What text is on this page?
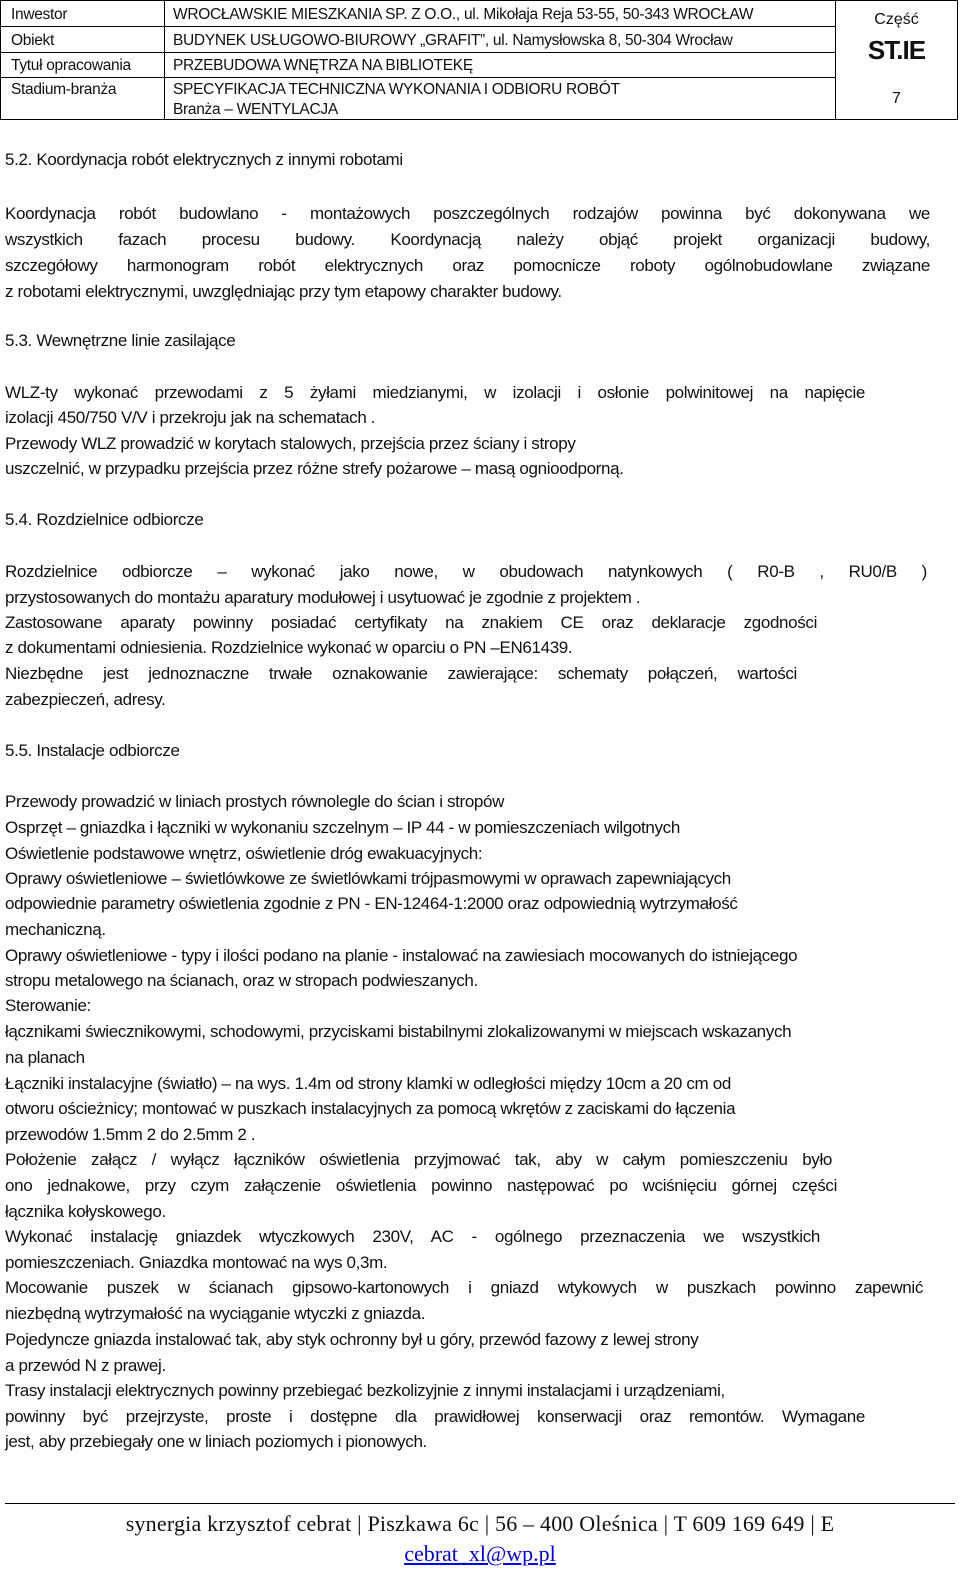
Inwestor	WROCŁAWSKIE MIESZKANIA SP. Z O.O., ul. Mikołaja Reja 53-55, 50-343 WROCŁAW
Obiekt	BUDYNEK USŁUGOWO-BIUROWY „GRAFIT”, ul. Namysłowska 8, 50-304 Wrocław
Tytuł opracowania	PRZEBUDOWA WNĘTRZA NA BIBLIOTEKĘ
Stadium-branża	SPECYFIKACJA TECHNICZNA WYKONANIA I ODBIORU ROBÓT
Branża – WENTYLACJA
Część
ST.IE
7
5.2. Koordynacja robót elektrycznych z innymi robotami
Koordynacja robót budowlano - montażowych poszczególnych rodzajów powinna być dokonywana we
wszystkich fazach procesu budowy. Koordynacją należy objąć projekt organizacji budowy,
szczegółowy harmonogram robót elektrycznych oraz pomocnicze roboty ogólnobudowlane związane
z robotami elektrycznymi, uwzględniając przy tym etapowy charakter budowy.
5.3. Wewnętrzne linie zasilające
WLZ-ty wykonać przewodami z 5 żyłami miedzianymi, w izolacji i osłonie polwinitowej na napięcie
izolacji 450/750 V/V i przekroju jak na schematach .
Przewody WLZ prowadzić w korytach stalowych, przejścia przez ściany i stropy
uszczelnić, w przypadku przejścia przez różne strefy pożarowe – masą ognioodporną.
5.4. Rozdzielnice odbiorcze
Rozdzielnice odbiorcze – wykonać jako nowe, w obudowach natynkowych ( R0-B , RU0/B )
przystosowanych do montażu aparatury modułowej i usytuować je zgodnie z projektem .
Zastosowane aparaty powinny posiadać certyfikaty na znakiem CE oraz deklaracje zgodności
z dokumentami odniesienia. Rozdzielnice wykonać w oparciu o PN –EN61439.
Niezbędne jest jednoznaczne trwałe oznakowanie zawierające: schematy połączeń, wartości
zabezpieczeń, adresy.
5.5. Instalacje odbiorcze
Przewody prowadzić w liniach prostych równolegle do ścian i stropów
Osprzęt – gniazdka i łączniki w wykonaniu szczelnym – IP 44 - w pomieszczeniach wilgotnych
Oświetlenie podstawowe wnętrz, oświetlenie dróg ewakuacyjnych:
Oprawy oświetleniowe – świetlówkowe ze świetlówkami trójpasmowymi w oprawach zapewniających
odpowiednie parametry oświetlenia zgodnie z PN - EN-12464-1:2000 oraz odpowiednią wytrzymałość
mechaniczną.
Oprawy oświetleniowe - typy i ilości podano na planie - instalować na zawiesiach mocowanych do istniejącego
stropu metalowego na ścianach, oraz w stropach podwieszanych.
Sterowanie:
łącznikami świecznikowymi, schodowymi, przyciskami bistabilnymi zlokalizowanymi w miejscach wskazanych
na planach
Łączniki instalacyjne (światło) – na wys. 1.4m od strony klamki w odległości między 10cm a 20 cm od
otworu ościeżnicy; montować w puszkach instalacyjnych za pomocą wkrętów z zaciskami do łączenia
przewodów 1.5mm 2 do 2.5mm 2 .
Położenie załącz / wyłącz łączników oświetlenia przyjmować tak, aby w całym pomieszczeniu było
ono jednakowe, przy czym załączenie oświetlenia powinno następować po wciśnięciu górnej części
łącznika kołyskowego.
Wykonać instalację gniazdek wtyczkowych 230V, AC - ogólnego przeznaczenia we wszystkich
pomieszczeniach. Gniazdka montować na wys 0,3m.
Mocowanie puszek w ścianach gipsowo-kartonowych i gniazd wtykowych w puszkach powinno zapewnić
niezbędną wytrzymałość na wyciąganie wtyczki z gniazda.
Pojedyncze gniazda instalować tak, aby styk ochronny był u góry, przewód fazowy z lewej strony
a przewód N z prawej.
Trasy instalacji elektrycznych powinny przebiegać bezkolizyjnie z innymi instalacjami i urządzeniami,
powinny być przejrzyste, proste i dostępne dla prawidłowej konserwacji oraz remontów. Wymagane
jest, aby przebiegały one w liniach poziomych i pionowych.
synergia krzysztof cebrat | Piszkawa 6c | 56 – 400 Oleśnica | T 609 169 649 | E
cebrat_xl@wp.pl
